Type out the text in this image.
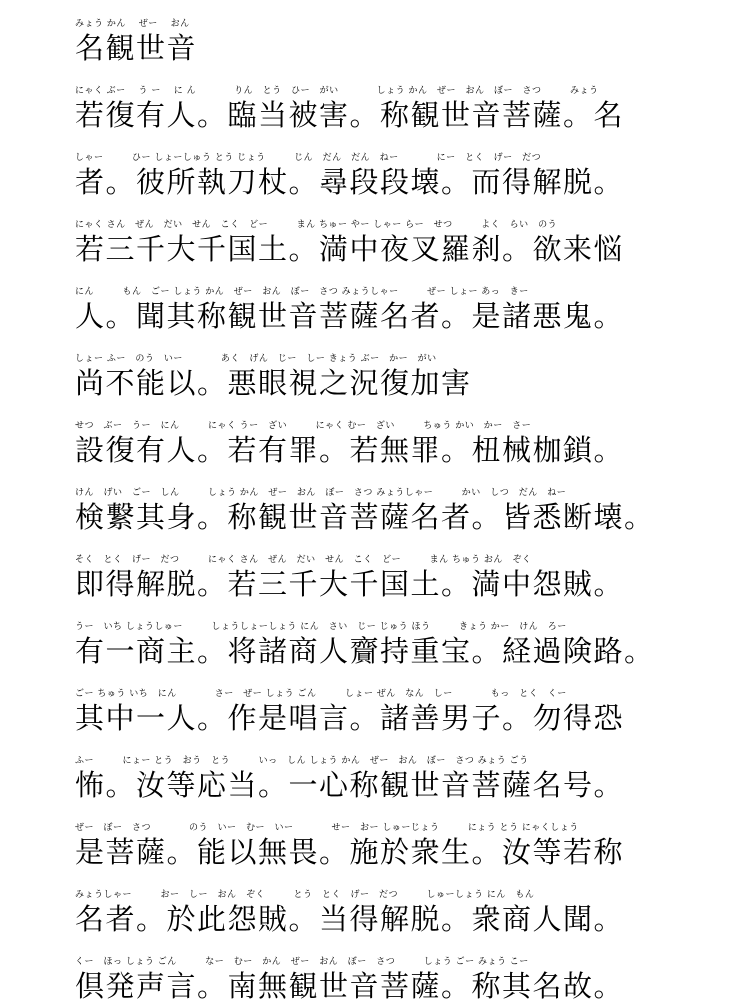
みょう かん　 ぜー 　おん
名観世音
にゃく ぶー 　う ー 　に ん　　　　りん　とう　ひー　がい　　　　しょう かん　ぜー　おん　ぼー　さつ　　　みょう
若復有人。臨当被害。称観世音菩薩。名
しゃー　　　ひー しょーしゅう とう じょう　　　じん　だん　だん　ねー　　　　にー　とく　げー　だつ
者。彼所執刀杖。尋段段壊。而得解脱。
にゃく さん　ぜん　だい　せん　こく　どー　　　まん ちゅー やー しゃー らー　せつ　　　よく　らい　のう
若三千大千国土。満中夜叉羅刹。欲来悩
にん　　　もん　ごー しょう かん　ぜー　おん　ぼー　さつ みょうしゃー　　　ぜー しょー あっ　きー
人。聞其称観世音菩薩名者。是諸悪鬼。
しょー ふー　のう　いー　　　　あく　げん　じー　しー きょう ぶー　かー　がい
尚不能以。悪眼視之況復加害
せつ　ぶー　うー　にん　　　にゃく うー　ざい　　　にゃく むー　ざい　　　ちゅう かい　かー　さー
設復有人。若有罪。若無罪。杻械枷鎖。
けん　げい　ごー　しん　　　しょう かん　ぜー　おん　ぼー　さつ みょうしゃー　　　かい　しつ　だん　ねー
検繋其身。称観世音菩薩名者。皆悉断壊。
そく　とく　げー　だつ　　　にゃく さん　ぜん　だい　せん　こく　どー　　　まん ちゅう おん　ぞく
即得解脱。若三千大千国土。満中怨賊。
うー　いち しょうしゅー　　　しょうしょーしょう にん　さい　じー じゅう ほう　　　きょう かー　けん　ろー
有一商主。将諸商人齎持重宝。経過険路。
ごー ちゅう いち　にん　　　　さー　ぜー しょう ごん　　　しょー ぜん　なん　しー　　　　もっ　とく　くー
其中一人。作是唱言。諸善男子。勿得恐
ふー　　　にょー とう　おう　とう　　　いっ　しん しょう かん　ぜー　おん　ぼー　さつ みょう ごう
怖。汝等応当。一心称観世音菩薩名号。
ぜー　ぼー　さつ　　　　のう　いー　むー　いー　　　　せー　おー しゅーじょう　　　にょう とう にゃくしょう
是菩薩。能以無畏。施於衆生。汝等若称
みょうしゃー　　　おー　しー　おん　ぞく　　　とう　とく　げー　だつ　　　しゅーしょう にん　もん
名者。於此怨賊。当得解脱。衆商人聞。
くー　ほっ しょう ごん　　　なー　むー　かん　ぜー　おん　ぼー　さつ　　　しょう ごー みょう こー
倶発声言。南無観世音菩薩。称其名故。
